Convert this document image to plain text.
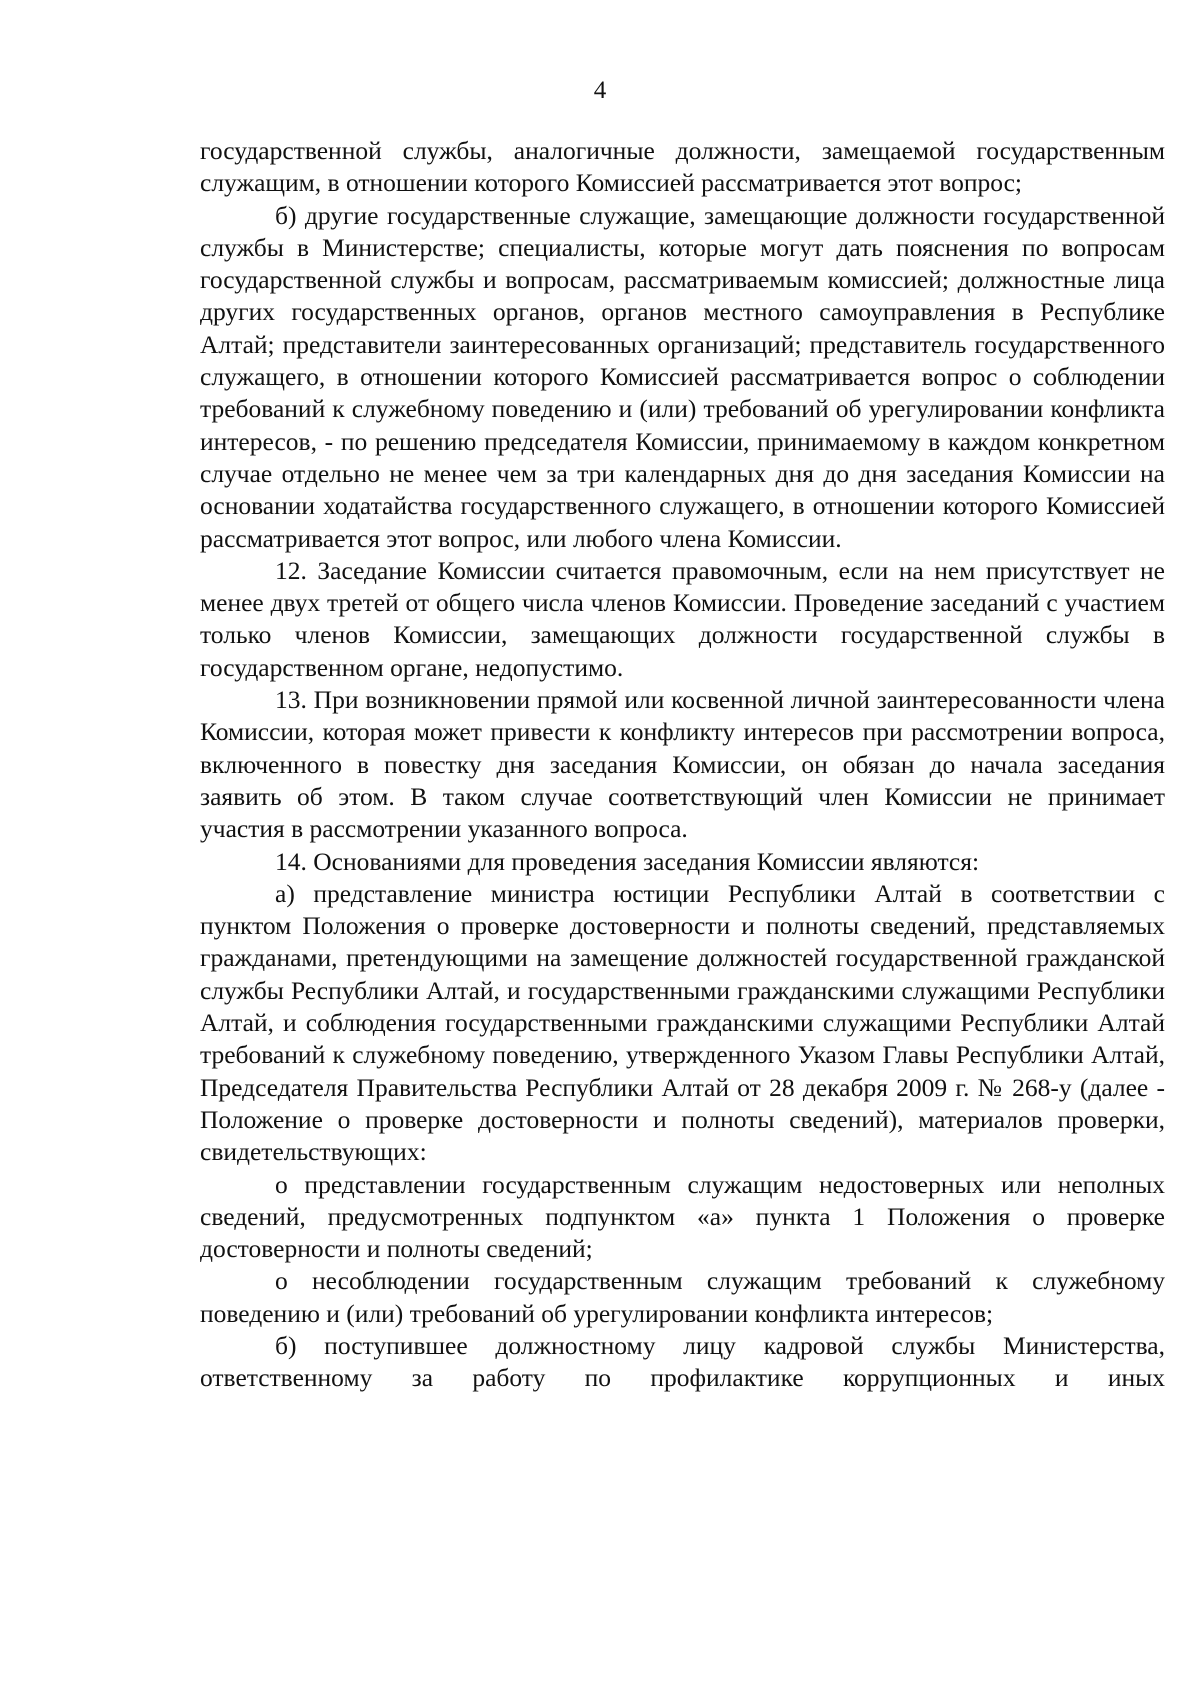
4

государственной службы, аналогичные должности, замещаемой государственным служащим, в отношении которого Комиссией рассматривается этот вопрос;

б) другие государственные служащие, замещающие должности государственной службы в Министерстве; специалисты, которые могут дать пояснения по вопросам государственной службы и вопросам, рассматриваемым комиссией; должностные лица других государственных органов, органов местного самоуправления в Республике Алтай; представители заинтересованных организаций; представитель государственного служащего, в отношении которого Комиссией рассматривается вопрос о соблюдении требований к служебному поведению и (или) требований об урегулировании конфликта интересов, - по решению председателя Комиссии, принимаемому в каждом конкретном случае отдельно не менее чем за три календарных дня до дня заседания Комиссии на основании ходатайства государственного служащего, в отношении которого Комиссией рассматривается этот вопрос, или любого члена Комиссии.

12. Заседание Комиссии считается правомочным, если на нем присутствует не менее двух третей от общего числа членов Комиссии. Проведение заседаний с участием только членов Комиссии, замещающих должности государственной службы в государственном органе, недопустимо.

13. При возникновении прямой или косвенной личной заинтересованности члена Комиссии, которая может привести к конфликту интересов при рассмотрении вопроса, включенного в повестку дня заседания Комиссии, он обязан до начала заседания заявить об этом. В таком случае соответствующий член Комиссии не принимает участия в рассмотрении указанного вопроса.

14. Основаниями для проведения заседания Комиссии являются:

а) представление министра юстиции Республики Алтай в соответствии с пунктом Положения о проверке достоверности и полноты сведений, представляемых гражданами, претендующими на замещение должностей государственной гражданской службы Республики Алтай, и государственными гражданскими служащими Республики Алтай, и соблюдения государственными гражданскими служащими Республики Алтай требований к служебному поведению, утвержденного Указом Главы Республики Алтай, Председателя Правительства Республики Алтай от 28 декабря 2009 г. № 268-у (далее - Положение о проверке достоверности и полноты сведений), материалов проверки, свидетельствующих:

о представлении государственным служащим недостоверных или неполных сведений, предусмотренных подпунктом «а» пункта 1 Положения о проверке достоверности и полноты сведений;

о несоблюдении государственным служащим требований к служебному поведению и (или) требований об урегулировании конфликта интересов;

б) поступившее должностному лицу кадровой службы Министерства, ответственному за работу по профилактике коррупционных и иных
